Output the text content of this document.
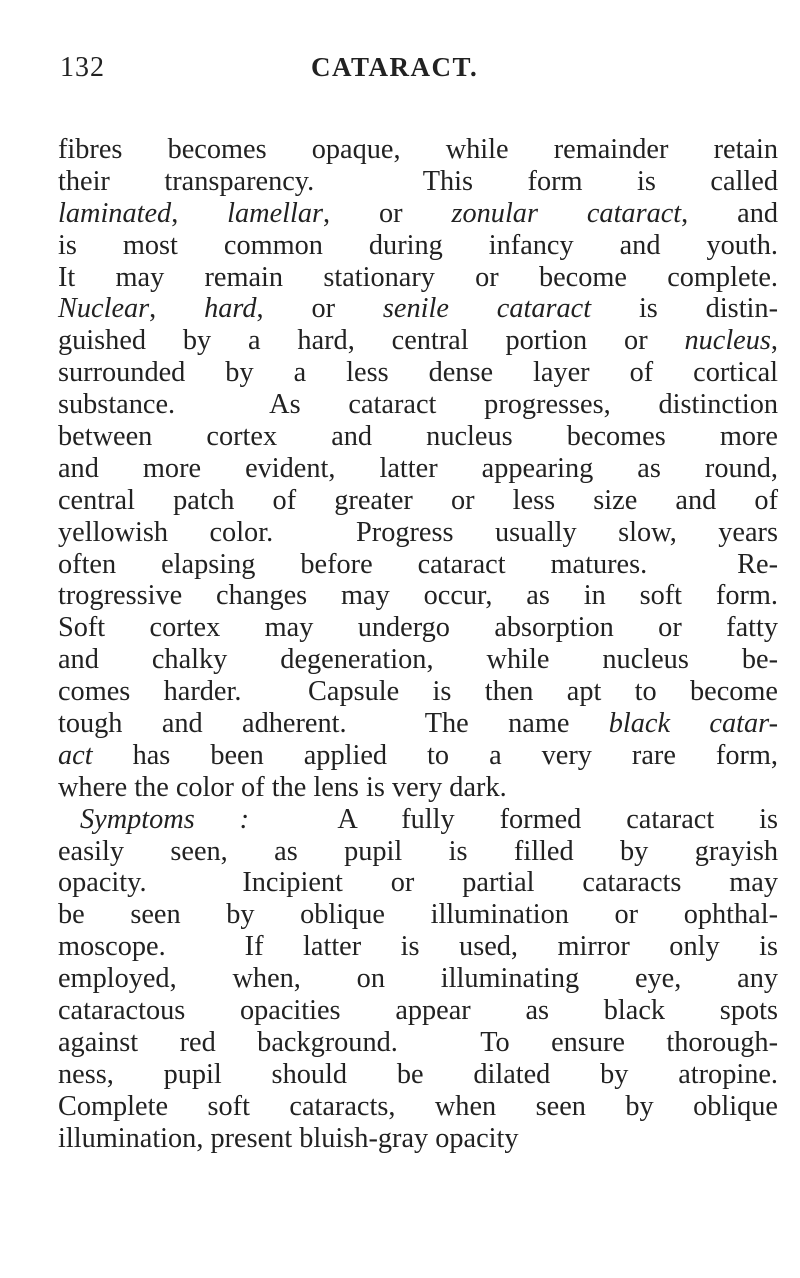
132	CATARACT.
fibres becomes opaque, while remainder retain
their transparency.  This form is called
laminated, lamellar, or zonular cataract, and
is most common during infancy and youth.
It may remain stationary or become complete.
Nuclear, hard, or senile cataract is distin-
guished by a hard, central portion or nucleus,
surrounded by a less dense layer of cortical
substance.  As cataract progresses, distinction
between cortex and nucleus becomes more
and more evident, latter appearing as round,
central patch of greater or less size and of
yellowish color.  Progress usually slow, years
often elapsing before cataract matures.  Re-
trogressive changes may occur, as in soft form.
Soft cortex may undergo absorption or fatty
and chalky degeneration, while nucleus be-
comes harder.  Capsule is then apt to become
tough and adherent.  The name black catar-
act has been applied to a very rare form,
where the color of the lens is very dark.
Symptoms :  A fully formed cataract is
easily seen, as pupil is filled by grayish
opacity.  Incipient or partial cataracts may
be seen by oblique illumination or ophthal-
moscope.  If latter is used, mirror only is
employed, when, on illuminating eye, any
cataractous opacities appear as black spots
against red background.  To ensure thorough-
ness, pupil should be dilated by atropine.
Complete soft cataracts, when seen by oblique
illumination, present bluish-gray opacity
